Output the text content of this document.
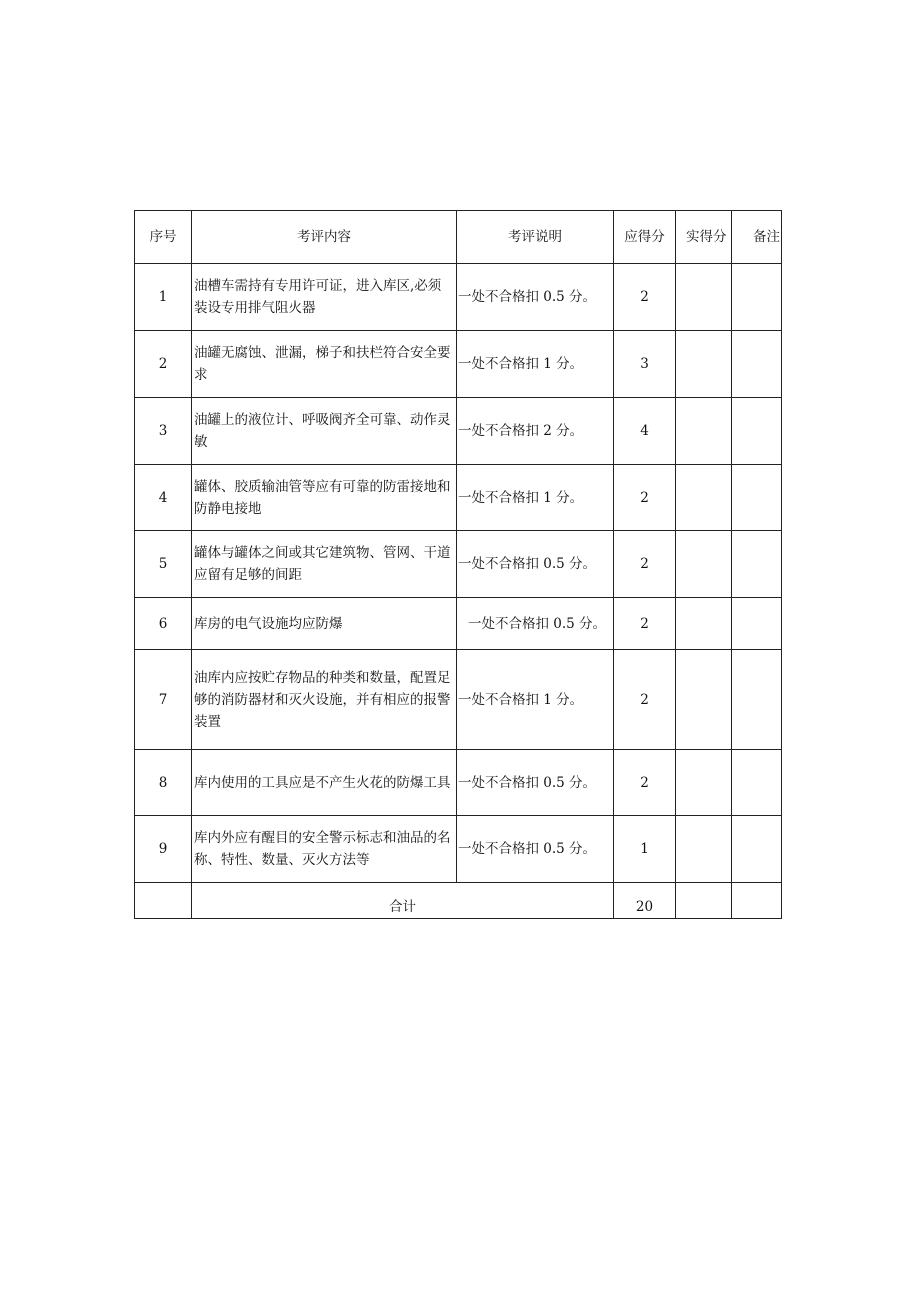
序号	考评内容	考评说明	应得分	实得分	备注
1	油槽车需持有专用许可证，进入库区,必须装设专用排气阻火器	一处不合格扣 0.5 分。	2		
2	油罐无腐蚀、泄漏，梯子和扶栏符合安全要求	一处不合格扣 1 分。	3		
3	油罐上的液位计、呼吸阀齐全可靠、动作灵敏	一处不合格扣 2 分。	4		
4	罐体、胶质输油管等应有可靠的防雷接地和防静电接地	一处不合格扣 1 分。	2		
5	罐体与罐体之间或其它建筑物、管网、干道应留有足够的间距	一处不合格扣 0.5 分。	2		
6	库房的电气设施均应防爆	一处不合格扣 0.5 分。	2		
7	油库内应按贮存物品的种类和数量，配置足够的消防器材和灭火设施，并有相应的报警装置	一处不合格扣 1 分。	2		
8	库内使用的工具应是不产生火花的防爆工具	一处不合格扣 0.5 分。	2		
9	库内外应有醒目的安全警示标志和油品的名称、特性、数量、灭火方法等	一处不合格扣 0.5 分。	1		
	合计		20		
